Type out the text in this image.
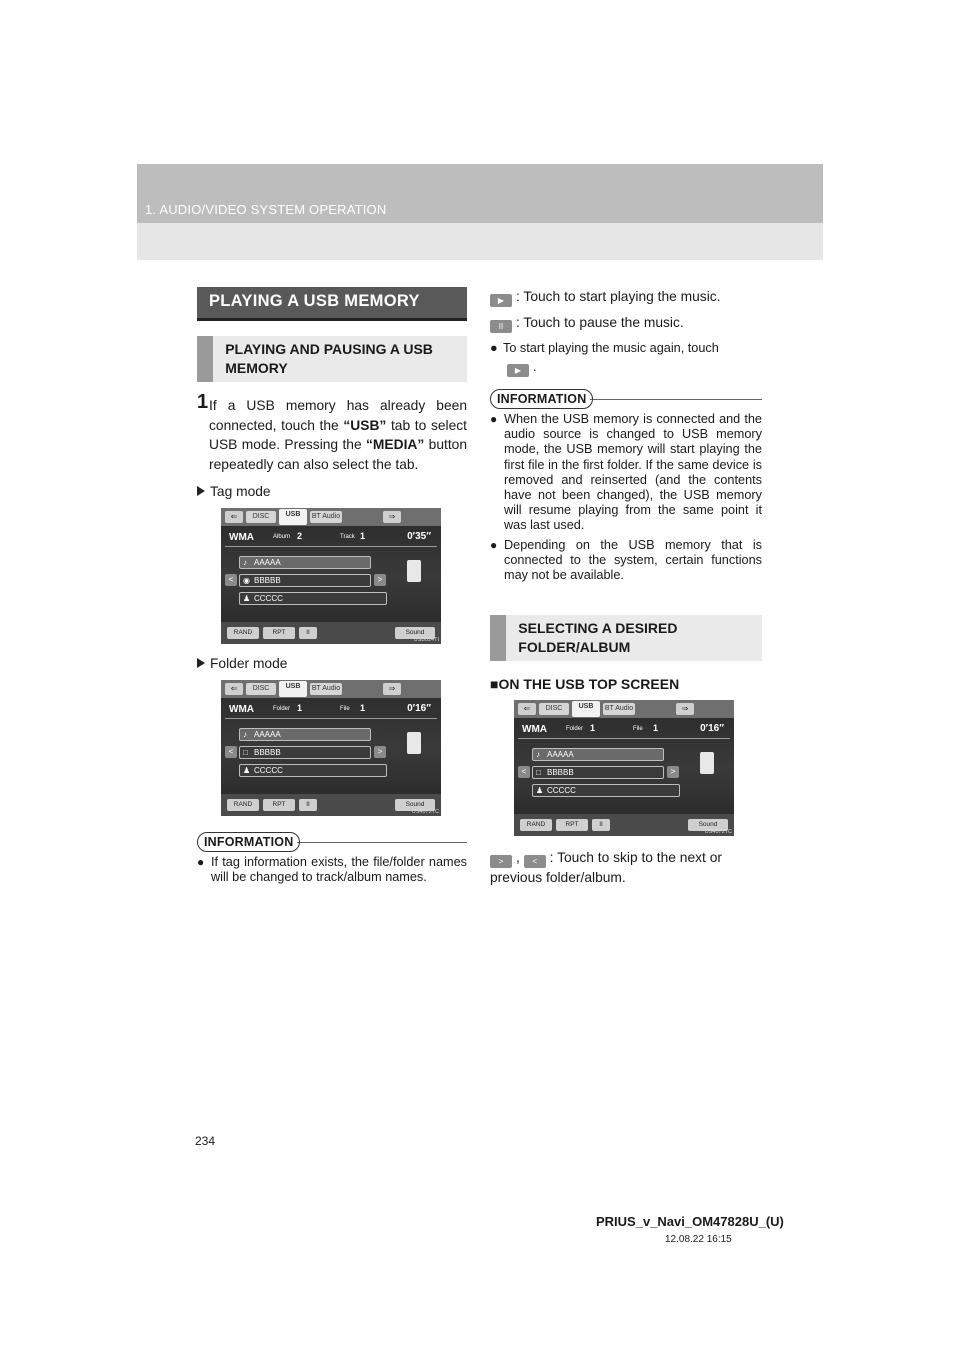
1. AUDIO/VIDEO SYSTEM OPERATION
PLAYING A USB MEMORY
PLAYING AND PAUSING A USB MEMORY
1 If a USB memory has already been connected, touch the “USB” tab to select USB mode. Pressing the “MEDIA” button repeatedly can also select the tab.
Tag mode
⇐	DISC	USB	BT Audio	⇒
WMA	Album 2	Track 1	0′35″
♪ AAAAA
◉ BBBBB
♟ CCCCC
<	>
RAND	RPT	II	Sound
USB024TI
Folder mode
⇐	DISC	USB	BT Audio	⇒
WMA	Folder 1	File 1	0′16″
♪ AAAAA
□ BBBBB
♟ CCCCC
<	>
RAND	RPT	II	Sound
US4072TC
INFORMATION
● If tag information exists, the file/folder names will be changed to track/album names.
▶ : Touch to start playing the music.
II : Touch to pause the music.
● To start playing the music again, touch
▶ .
INFORMATION
● When the USB memory is connected and the audio source is changed to USB memory mode, the USB memory will start playing the first file in the first folder. If the same device is removed and reinserted (and the contents have not been changed), the USB memory will resume playing from the same point it was last used.
● Depending on the USB memory that is connected to the system, certain functions may not be available.
SELECTING A DESIRED FOLDER/ALBUM
■ON THE USB TOP SCREEN
⇐	DISC	USB	BT Audio	⇒
WMA	Folder 1	File 1	0′16″
♪ AAAAA
□ BBBBB
♟ CCCCC
<	>
RAND	RPT	II	Sound
US4072TC
> , < : Touch to skip to the next or previous folder/album.
234
PRIUS_v_Navi_OM47828U_(U)
12.08.22 16:15
